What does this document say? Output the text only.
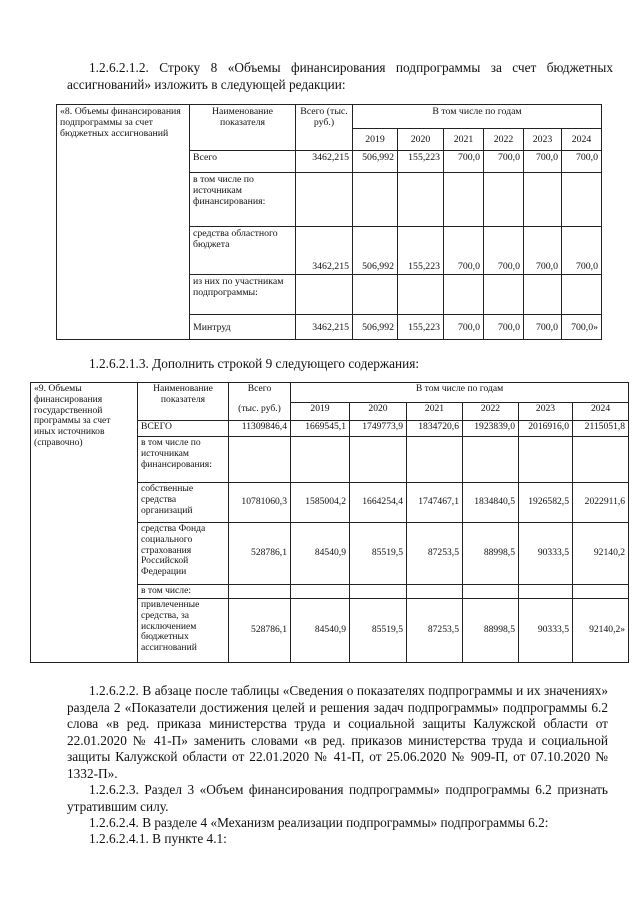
1.2.6.2.1.2. Строку 8 «Объемы финансирования подпрограммы за счет бюджетных ассигнований» изложить в следующей редакции:

«8. Объемы финансирования подпрограммы за счет бюджетных ассигнований	Наименование показателя	Всего (тыс. руб.)	В том числе по годам					
			2019	2020	2021	2022	2023	2024
	Всего	3462,215	506,992	155,223	700,0	700,0	700,0	700,0
	в том числе по источникам финансирования:							
	средства областного бюджета	3462,215	506,992	155,223	700,0	700,0	700,0	700,0
	из них по участникам подпрограммы:							
	Минтруд	3462,215	506,992	155,223	700,0	700,0	700,0	700,0»

1.2.6.2.1.3. Дополнить строкой 9 следующего содержания:

«9. Объемы финансирования государственной программы за счет иных источников (справочно)	Наименование показателя	Всего	В том числе по годам					
		(тыс. руб.)	2019	2020	2021	2022	2023	2024
	ВСЕГО	11309846,4	1669545,1	1749773,9	1834720,6	1923839,0	2016916,0	2115051,8
	в том числе по источникам финансирования:							
	собственные средства организаций	10781060,3	1585004,2	1664254,4	1747467,1	1834840,5	1926582,5	2022911,6
	средства Фонда социального страхования Российской Федерации	528786,1	84540,9	85519,5	87253,5	88998,5	90333,5	92140,2
	в том числе:							
	привлеченные средства, за исключением бюджетных ассигнований	528786,1	84540,9	85519,5	87253,5	88998,5	90333,5	92140,2»

1.2.6.2.2. В абзаце после таблицы «Сведения о показателях подпрограммы и их значениях» раздела 2 «Показатели достижения целей и решения задач подпрограммы» подпрограммы 6.2 слова «в ред. приказа министерства труда и социальной защиты Калужской области от 22.01.2020 № 41-П» заменить словами «в ред. приказов министерства труда и социальной защиты Калужской области от 22.01.2020 № 41-П, от 25.06.2020 № 909-П, от 07.10.2020 № 1332-П».

1.2.6.2.3. Раздел 3 «Объем финансирования подпрограммы» подпрограммы 6.2 признать утратившим силу.

1.2.6.2.4. В разделе 4 «Механизм реализации подпрограммы» подпрограммы 6.2:

1.2.6.2.4.1. В пункте 4.1:
